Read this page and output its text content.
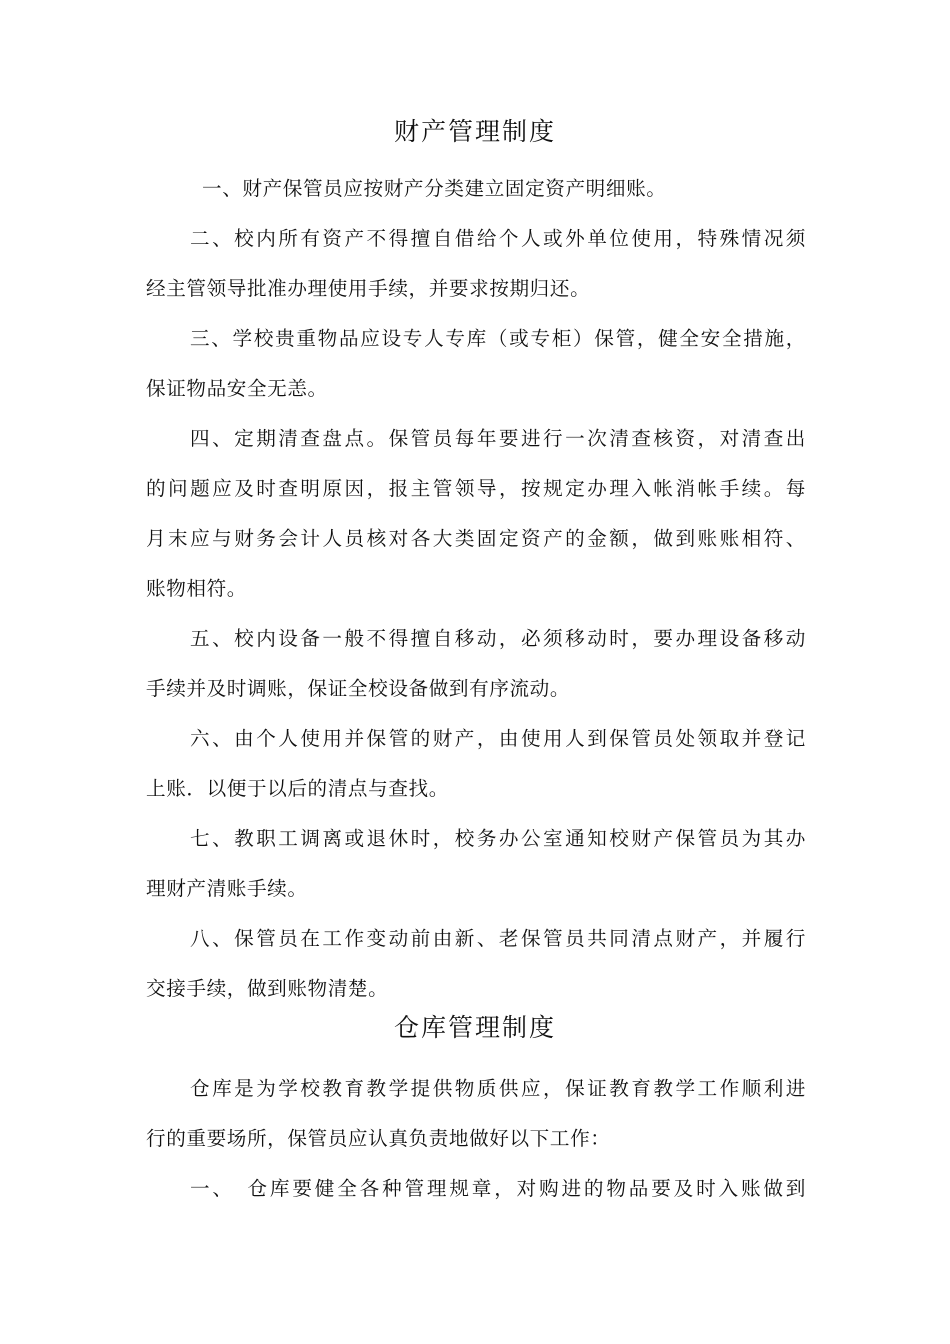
财产管理制度

一、财产保管员应按财产分类建立固定资产明细账。

二、校内所有资产不得擅自借给个人或外单位使用，特殊情况须

经主管领导批准办理使用手续，并要求按期归还。

三、学校贵重物品应设专人专库（或专柜）保管，健全安全措施，

保证物品安全无恙。

四、定期清查盘点。保管员每年要进行一次清查核资，对清查出

的问题应及时查明原因，报主管领导，按规定办理入帐消帐手续。每

月末应与财务会计人员核对各大类固定资产的金额，做到账账相符、

账物相符。

五、校内设备一般不得擅自移动，必须移动时，要办理设备移动

手续并及时调账，保证全校设备做到有序流动。

六、由个人使用并保管的财产，由使用人到保管员处领取并登记

上账．以便于以后的清点与查找。

七、教职工调离或退休时，校务办公室通知校财产保管员为其办

理财产清账手续。

八、保管员在工作变动前由新、老保管员共同清点财产，并履行

交接手续，做到账物清楚。

仓库管理制度

仓库是为学校教育教学提供物质供应，保证教育教学工作顺利进

行的重要场所，保管员应认真负责地做好以下工作：

一、　仓库要健全各种管理规章，对购进的物品要及时入账做到
